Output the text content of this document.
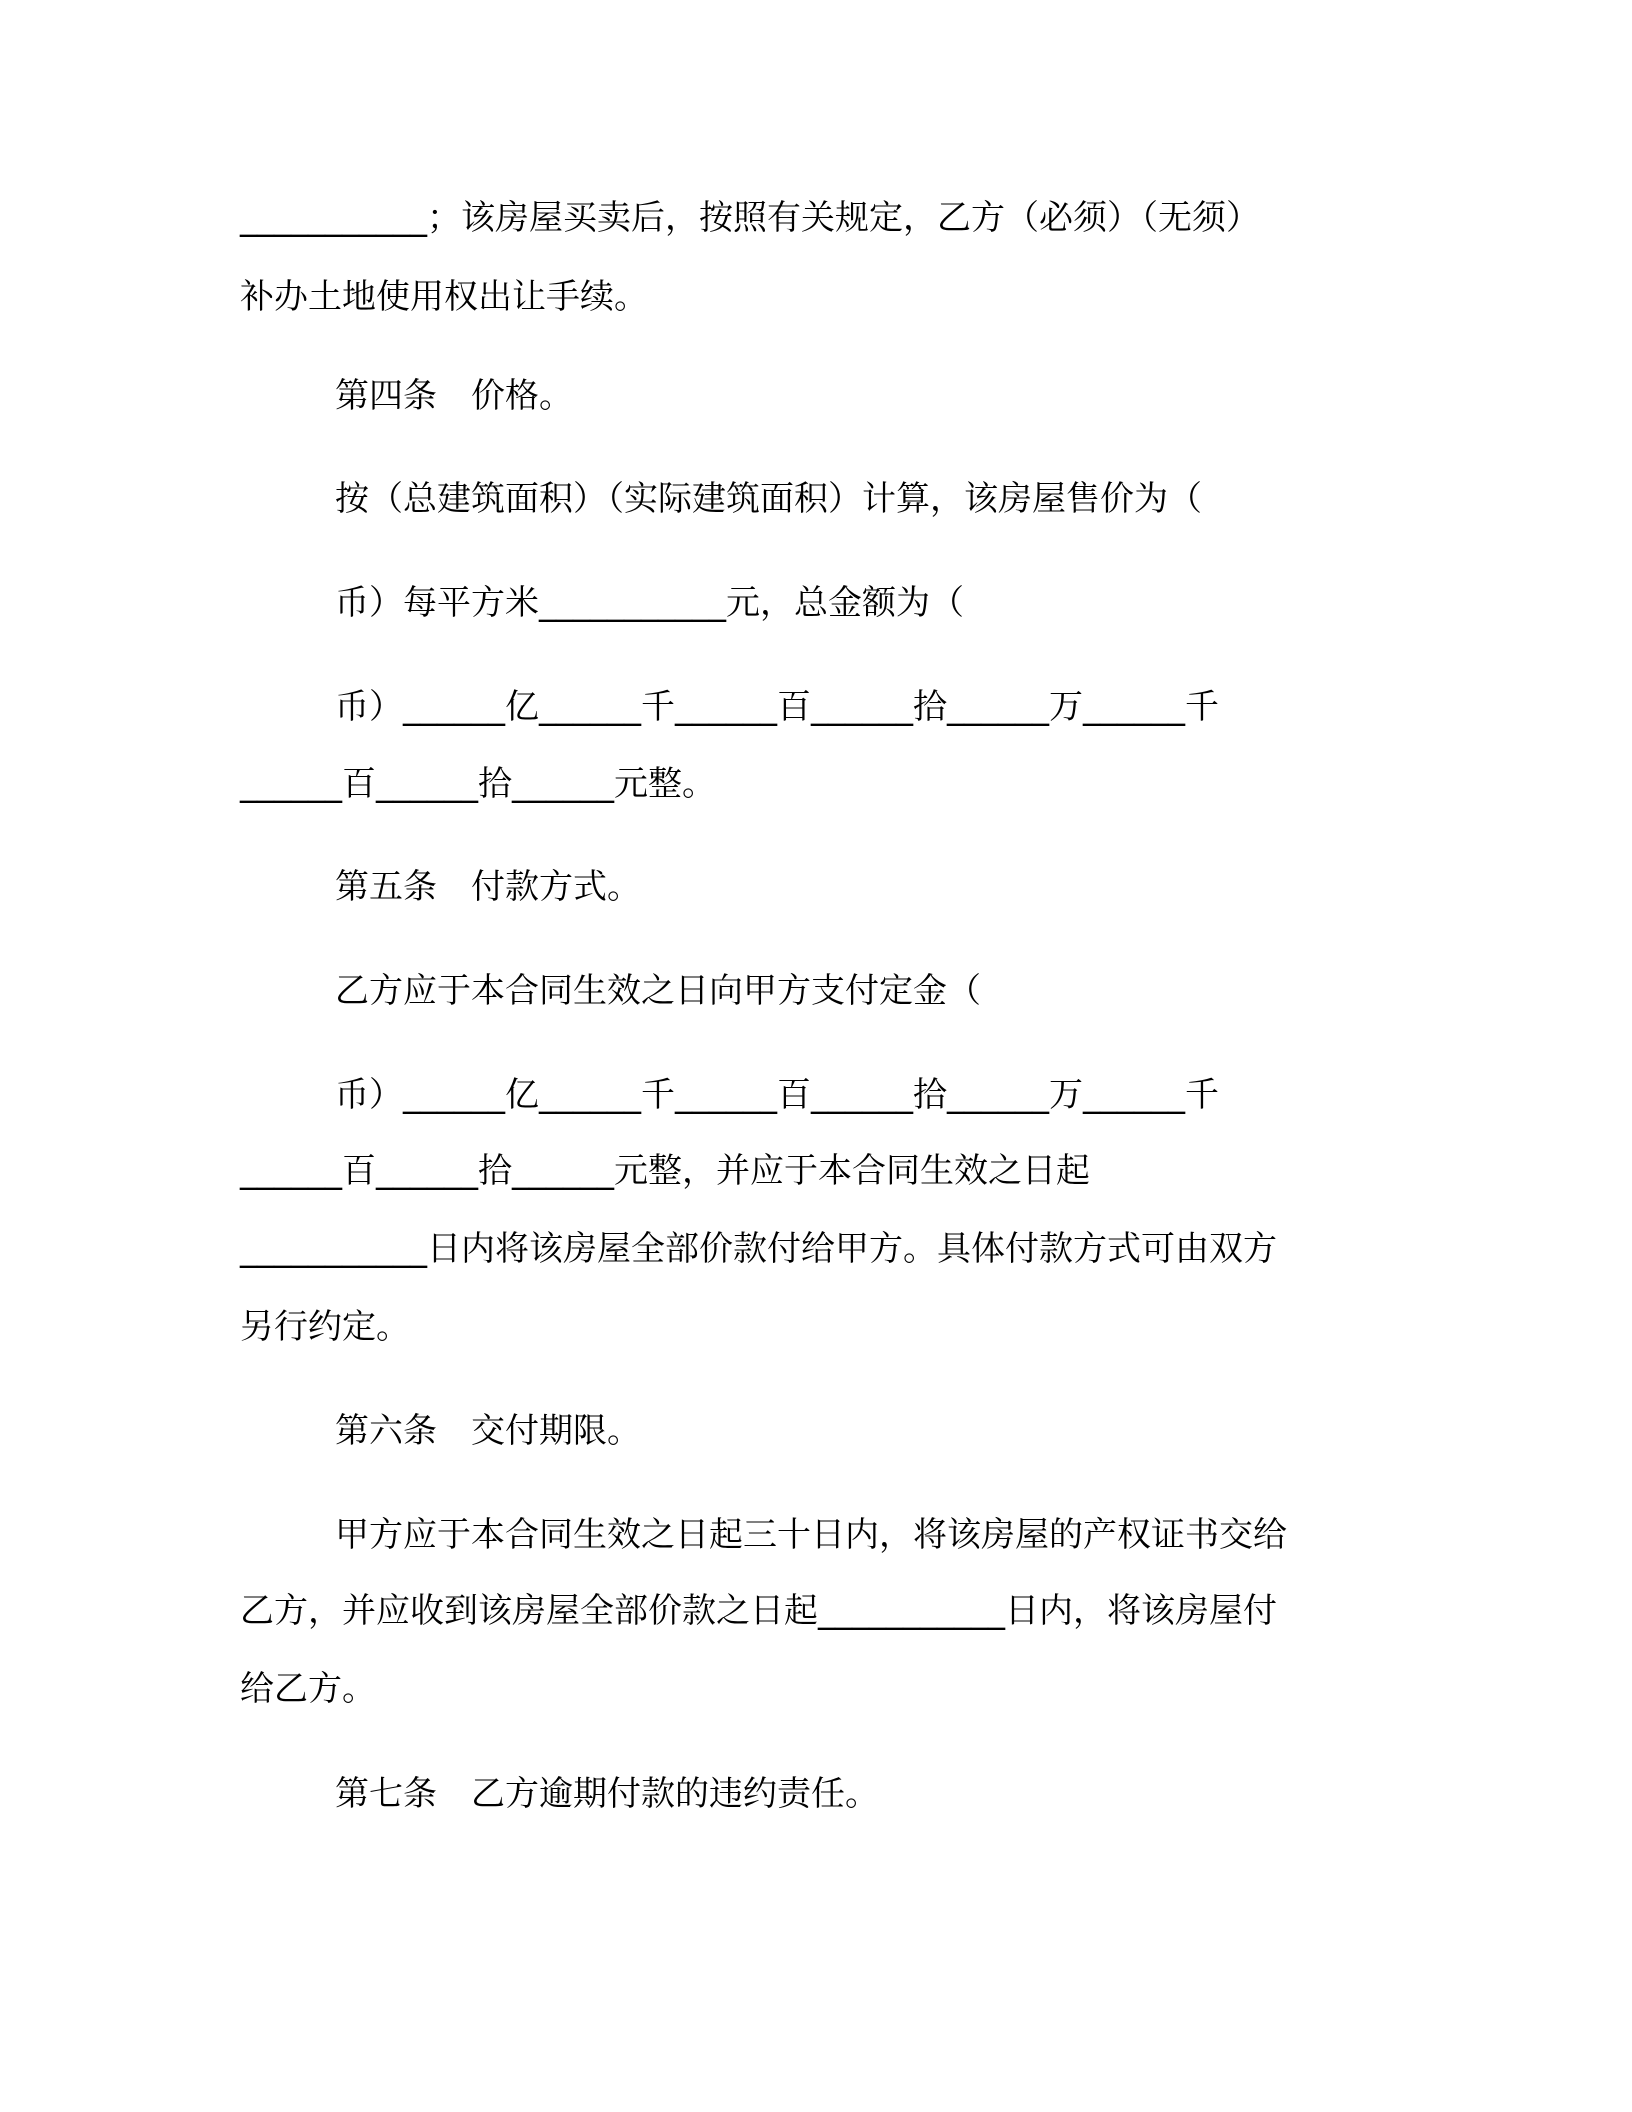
___________；该房屋买卖后，按照有关规定，乙方（必须）（无须）
补办土地使用权出让手续。
第四条　价格。
按（总建筑面积）（实际建筑面积）计算，该房屋售价为（
币）每平方米___________元，总金额为（
币）______亿______千______百______拾______万______千
______百______拾______元整。
第五条　付款方式。
乙方应于本合同生效之日向甲方支付定金（
币）______亿______千______百______拾______万______千
______百______拾______元整，并应于本合同生效之日起
___________日内将该房屋全部价款付给甲方。具体付款方式可由双方
另行约定。
第六条　交付期限。
甲方应于本合同生效之日起三十日内，将该房屋的产权证书交给
乙方，并应收到该房屋全部价款之日起___________日内，将该房屋付
给乙方。
第七条　乙方逾期付款的违约责任。
